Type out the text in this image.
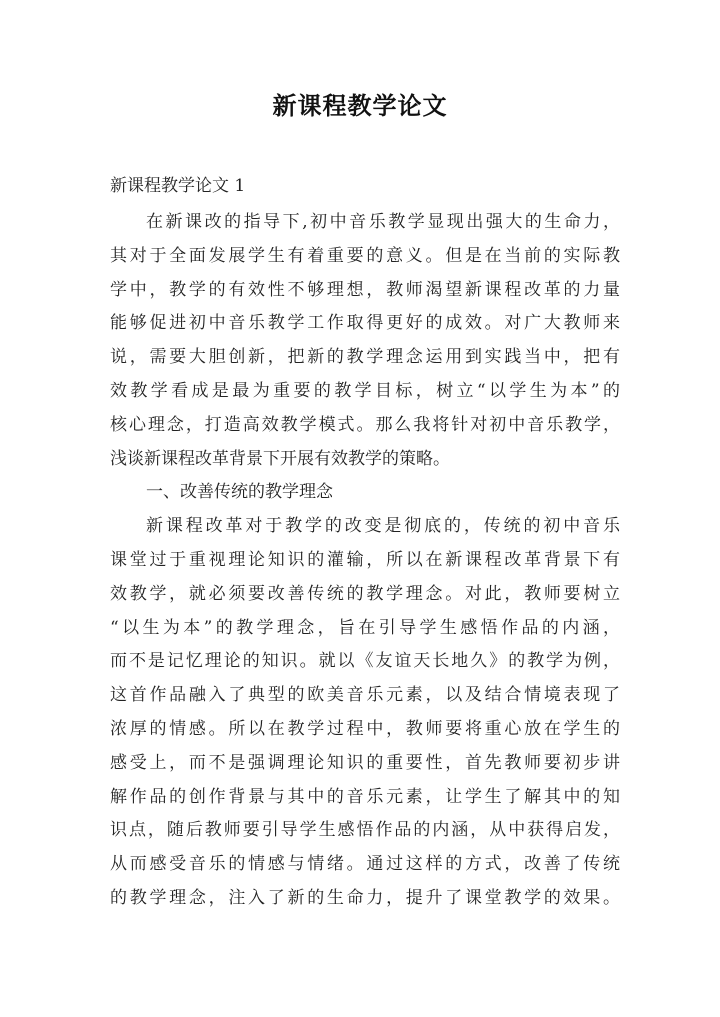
新课程教学论文
新课程教学论文 1
在新课改的指导下,初中音乐教学显现出强大的生命力，
其对于全面发展学生有着重要的意义。但是在当前的实际教
学中，教学的有效性不够理想，教师渴望新课程改革的力量
能够促进初中音乐教学工作取得更好的成效。对广大教师来
说，需要大胆创新，把新的教学理念运用到实践当中，把有
效教学看成是最为重要的教学目标，树立“以学生为本”的
核心理念，打造高效教学模式。那么我将针对初中音乐教学，
浅谈新课程改革背景下开展有效教学的策略。
一、改善传统的教学理念
新课程改革对于教学的改变是彻底的，传统的初中音乐
课堂过于重视理论知识的灌输，所以在新课程改革背景下有
效教学，就必须要改善传统的教学理念。对此，教师要树立
“以生为本”的教学理念，旨在引导学生感悟作品的内涵，
而不是记忆理论的知识。就以《友谊天长地久》的教学为例，
这首作品融入了典型的欧美音乐元素，以及结合情境表现了
浓厚的情感。所以在教学过程中，教师要将重心放在学生的
感受上，而不是强调理论知识的重要性，首先教师要初步讲
解作品的创作背景与其中的音乐元素，让学生了解其中的知
识点，随后教师要引导学生感悟作品的内涵，从中获得启发，
从而感受音乐的情感与情绪。通过这样的方式，改善了传统
的教学理念，注入了新的生命力，提升了课堂教学的效果。
